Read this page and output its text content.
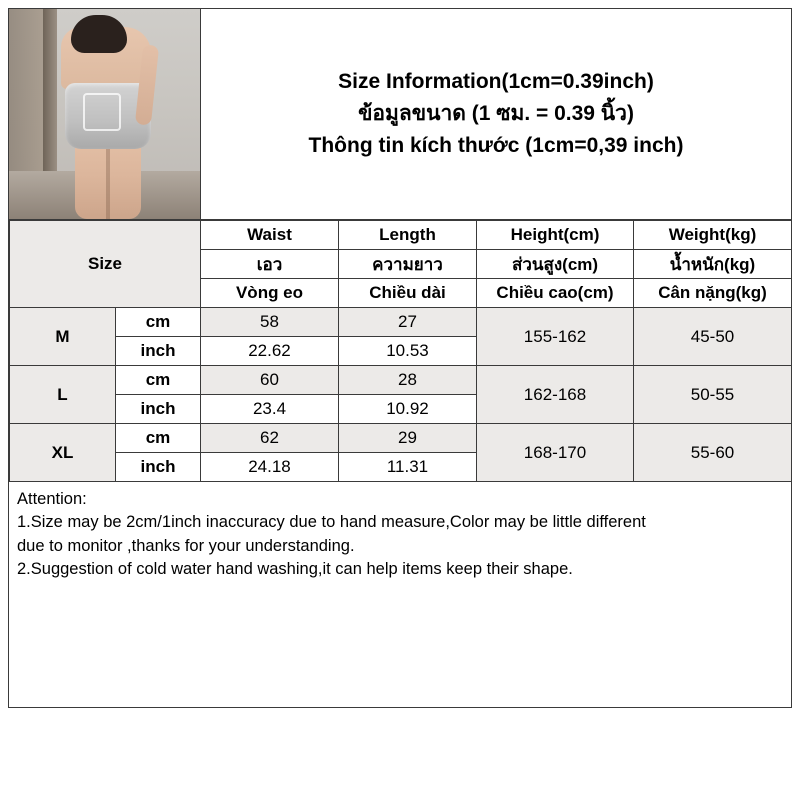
Size Information(1cm=0.39inch)
ข้อมูลขนาด (1 ซม. = 0.39 นิ้ว)
Thông tin kích thước (1cm=0,39 inch)
Size		Waist	Length	Height(cm)	Weight(kg)
		เอว	ความยาว	ส่วนสูง(cm)	น้ำหนัก(kg)
		Vòng eo	Chiều dài	Chiều cao(cm)	Cân nặng(kg)
M	cm	58	27	155-162	45-50
	inch	22.62	10.53		
L	cm	60	28	162-168	50-55
	inch	23.4	10.92		
XL	cm	62	29	168-170	55-60
	inch	24.18	11.31		

Attention:

1.Size may be 2cm/1inch inaccuracy due to hand measure,Color may be little different

due to monitor ,thanks for your understanding.

2.Suggestion of cold water hand washing,it can help items keep their shape.
